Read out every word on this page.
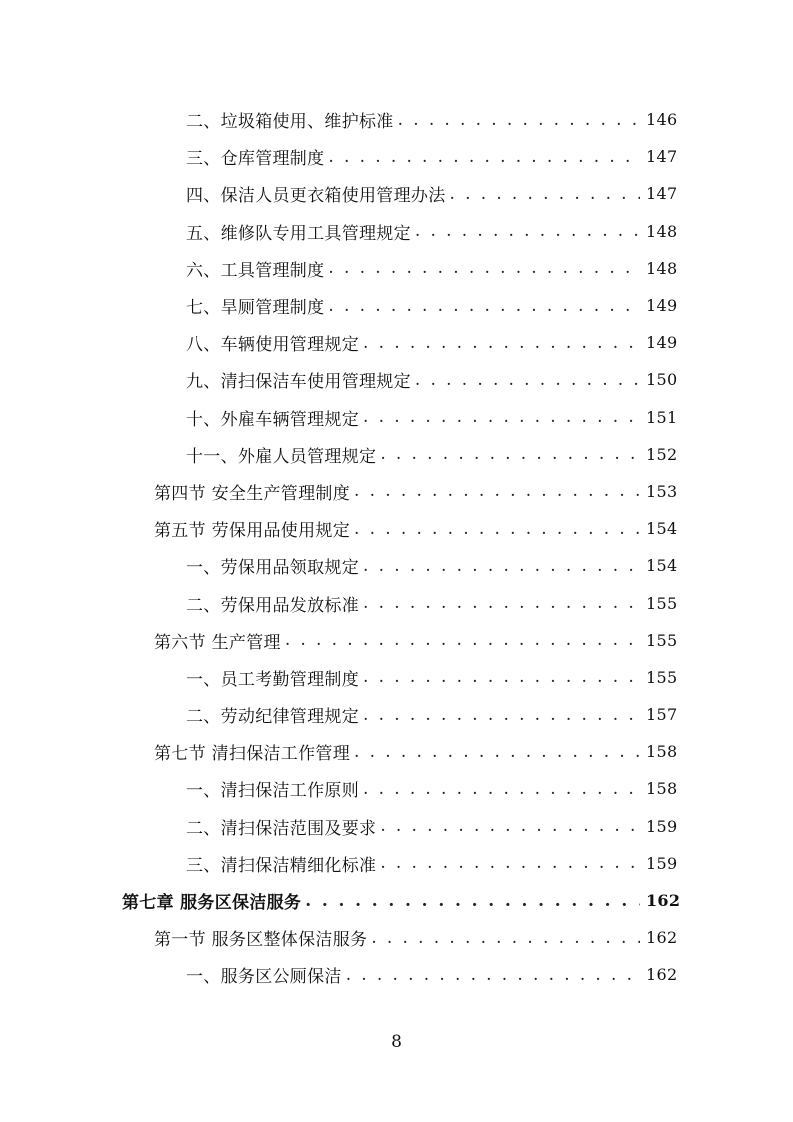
二、垃圾箱使用、维护标准 . . .	146
三、仓库管理制度 . . .	147
四、保洁人员更衣箱使用管理办法 . . .	147
五、维修队专用工具管理规定 . . .	148
六、工具管理制度 . . .	148
七、旱厕管理制度 . . .	149
八、车辆使用管理规定 . . .	149
九、清扫保洁车使用管理规定 . . .	150
十、外雇车辆管理规定 . . .	151
十一、外雇人员管理规定 . . .	152
第四节 安全生产管理制度 . . .	153
第五节 劳保用品使用规定 . . .	154
一、劳保用品领取规定 . . .	154
二、劳保用品发放标准 . . .	155
第六节 生产管理 . . .	155
一、员工考勤管理制度 . . .	155
二、劳动纪律管理规定 . . .	157
第七节 清扫保洁工作管理 . . .	158
一、清扫保洁工作原则 . . .	158
二、清扫保洁范围及要求 . . .	159
三、清扫保洁精细化标准 . . .	159
第七章 服务区保洁服务 . . .	162
第一节 服务区整体保洁服务 . . .	162
一、服务区公厕保洁 . . .	162
8
